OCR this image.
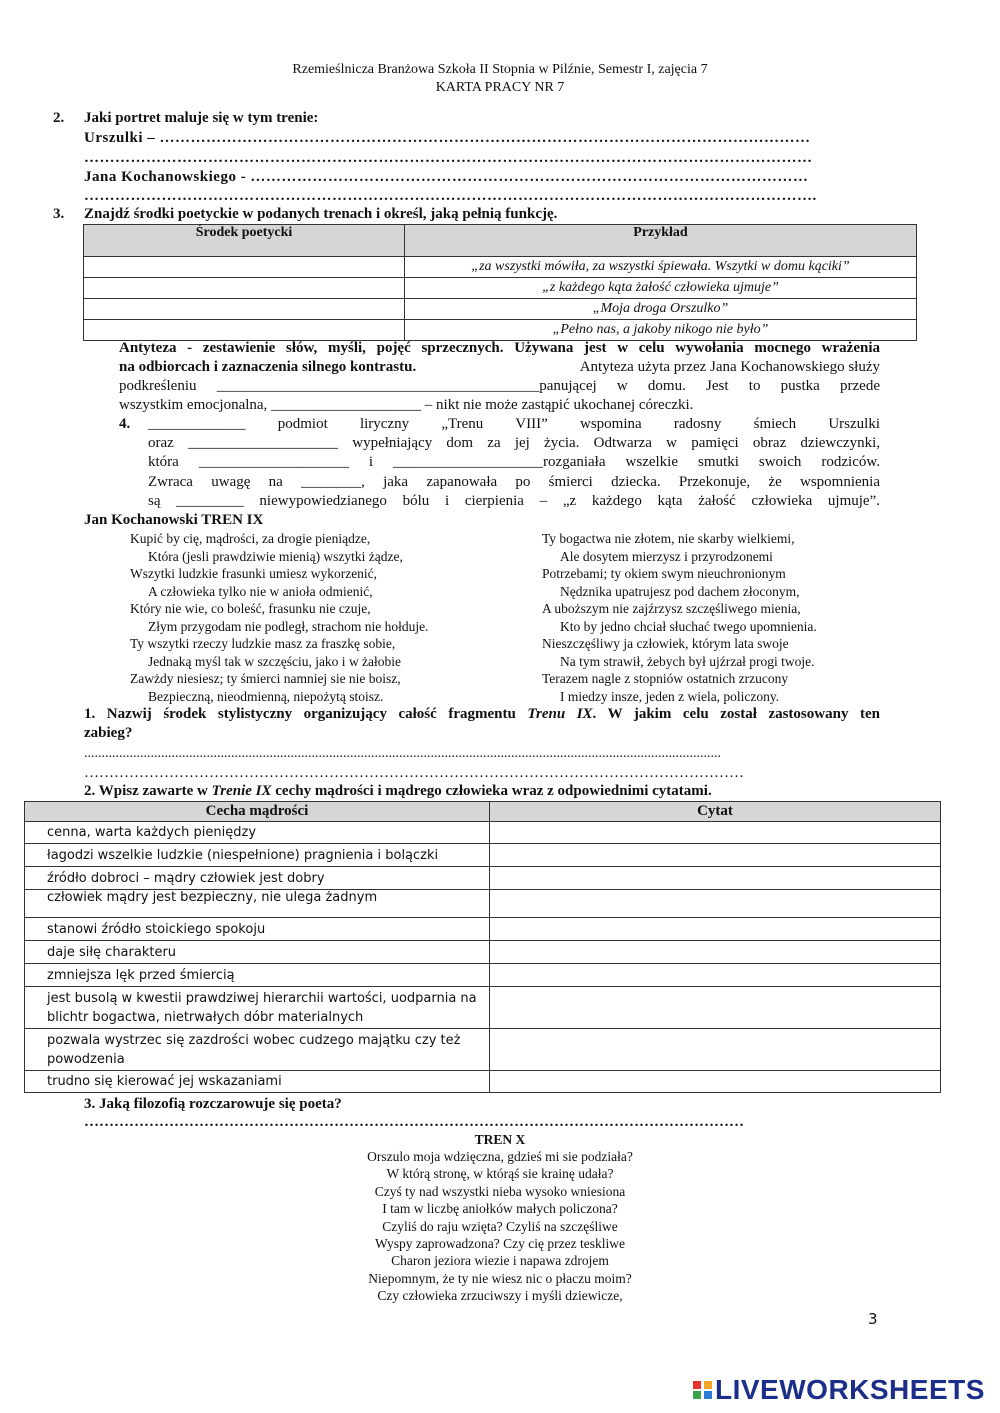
Rzemieślnicza Branżowa Szkoła II Stopnia w Pilźnie, Semestr I, zajęcia 7
KARTA PRACY NR 7
2. Jaki portret maluje się w tym trenie:
Urszulki – ………………………………………………………………………………………………………………
……………………………………………………………………………………………………………………………
Jana Kochanowskiego - ………………………………………………………………………………………………
…………………………………………………………………………………………………………………………….
3. Znajdź środki poetyckie w podanych trenach i określ, jaką pełnią funkcję.
Środek poetycki	Przykład
	„za wszystki mówiła, za wszystki śpiewała. Wszytki w domu kąciki”
	„z każdego kąta żałość człowieka ujmuje”
	„Moja droga Orszulko”
	„Pełno nas, a jakoby nikogo nie było”
Antyteza - zestawienie słów, myśli, pojęć sprzecznych. Używana jest w celu wywołania mocnego wrażenia
na odbiorcach i zaznaczenia silnego kontrastu.	Antyteza użyta przez Jana Kochanowskiego służy
podkreśleniu ___________________________________________panującej w domu. Jest to pustka przede
wszystkim emocjonalna, ____________________ – nikt nie może zastąpić ukochanej córeczki.
4. _____________ podmiot liryczny „Trenu VIII” wspomina radosny śmiech Urszulki
oraz ____________________ wypełniający dom za jej życia. Odtwarza w pamięci obraz dziewczynki,
która ____________________ i ____________________rozganiała wszelkie smutki swoich rodziców.
Zwraca uwagę na ________, jaka zapanowała po śmierci dziecka. Przekonuje, że wspomnienia
są _________ niewypowiedzianego bólu i cierpienia – „z każdego kąta żałość człowieka ujmuje”.
Jan Kochanowski TREN IX
Kupić by cię, mądrości, za drogie pieniądze,
Która (jesli prawdziwie mienią) wszytki żądze,
Wszytki ludzkie frasunki umiesz wykorzenić,
A człowieka tylko nie w anioła odmienić,
Który nie wie, co boleść, frasunku nie czuje,
Złym przygodam nie podległ, strachom nie hołduje.
Ty wszytki rzeczy ludzkie masz za fraszkę sobie,
Jednaką myśl tak w szczęściu, jako i w żałobie
Zawżdy niesiesz; ty śmierci namniej sie nie boisz,
Bezpieczną, nieodmienną, niepożytą stoisz.
Ty bogactwa nie złotem, nie skarby wielkiemi,
Ale dosytem mierzysz i przyrodzonemi
Potrzebami; ty okiem swym nieuchronionym
Nędznika upatrujesz pod dachem złoconym,
A uboższym nie zajźrzysz szczęśliwego mienia,
Kto by jedno chciał słuchać twego upomnienia.
Nieszczęśliwy ja człowiek, którym lata swoje
Na tym strawił, żebych był ujźrzał progi twoje.
Terazem nagle z stopniów ostatnich zrzucony
I miedzy insze, jeden z wiela, policzony.
1. Nazwij środek stylistyczny organizujący całość fragmentu Trenu IX. W jakim celu został zastosowany ten
zabieg?
......................................................................................................................................................................................
……………………………………………………………………………………………………………………
2. Wpisz zawarte w Trenie IX cechy mądrości i mądrego człowieka wraz z odpowiednimi cytatami.
Cecha mądrości	Cytat
cenna, warta każdych pieniędzy	
łagodzi wszelkie ludzkie (niespełnione) pragnienia i bolączki	
źródło dobroci – mądry człowiek jest dobry	
człowiek mądry jest bezpieczny, nie ulega żadnym	
stanowi źródło stoickiego spokoju	
daje siłę charakteru	
zmniejsza lęk przed śmiercią	
jest busolą w kwestii prawdziwej hierarchii wartości, uodparnia na blichtr bogactwa, nietrwałych dóbr materialnych	
pozwala wystrzec się zazdrości wobec cudzego majątku czy też powodzenia	
trudno się kierować jej wskazaniami	
3. Jaką filozofią rozczarowuje się poeta?
……………………………………………………………………………………………………………………
TREN X
Orszulo moja wdzięczna, gdzieś mi sie podziała?
W którą stronę, w którąś sie krainę udała?
Czyś ty nad wszystki nieba wysoko wniesiona
I tam w liczbę aniołków małych policzona?
Czyliś do raju wzięta? Czyliś na szczęśliwe
Wyspy zaprowadzona? Czy cię przez teskliwe
Charon jeziora wiezie i napawa zdrojem
Niepomnym, że ty nie wiesz nic o płaczu moim?
Czy człowieka zrzuciwszy i myśli dziewicze,
3
LIVEWORKSHEETS
